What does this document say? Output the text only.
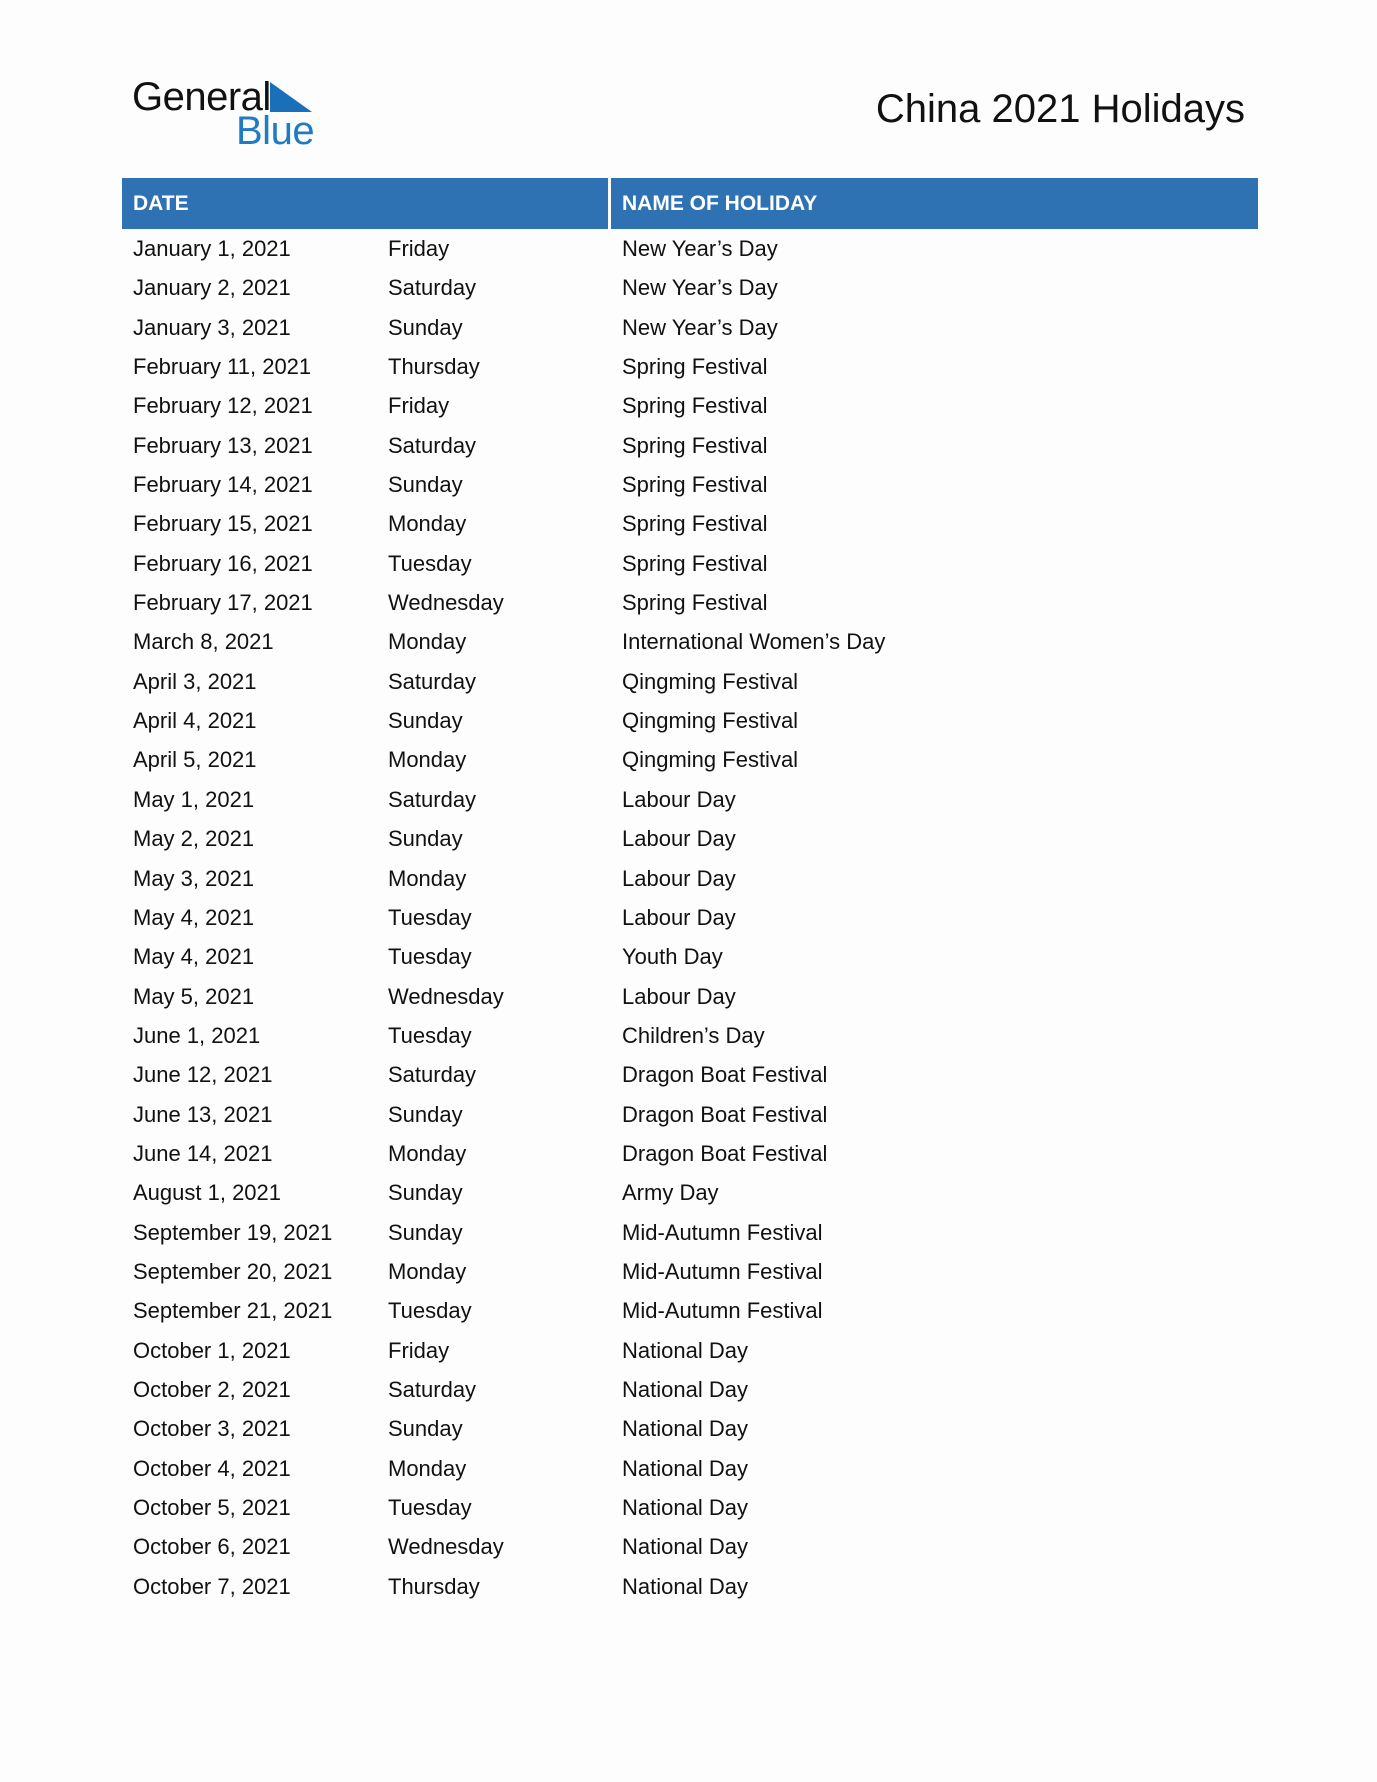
General
Blue	China 2021 Holidays
DATE	NAME OF HOLIDAY
January 1, 2021	Friday	New Year’s Day
January 2, 2021	Saturday	New Year’s Day
January 3, 2021	Sunday	New Year’s Day
February 11, 2021	Thursday	Spring Festival
February 12, 2021	Friday	Spring Festival
February 13, 2021	Saturday	Spring Festival
February 14, 2021	Sunday	Spring Festival
February 15, 2021	Monday	Spring Festival
February 16, 2021	Tuesday	Spring Festival
February 17, 2021	Wednesday	Spring Festival
March 8, 2021	Monday	International Women’s Day
April 3, 2021	Saturday	Qingming Festival
April 4, 2021	Sunday	Qingming Festival
April 5, 2021	Monday	Qingming Festival
May 1, 2021	Saturday	Labour Day
May 2, 2021	Sunday	Labour Day
May 3, 2021	Monday	Labour Day
May 4, 2021	Tuesday	Labour Day
May 4, 2021	Tuesday	Youth Day
May 5, 2021	Wednesday	Labour Day
June 1, 2021	Tuesday	Children’s Day
June 12, 2021	Saturday	Dragon Boat Festival
June 13, 2021	Sunday	Dragon Boat Festival
June 14, 2021	Monday	Dragon Boat Festival
August 1, 2021	Sunday	Army Day
September 19, 2021	Sunday	Mid-Autumn Festival
September 20, 2021	Monday	Mid-Autumn Festival
September 21, 2021	Tuesday	Mid-Autumn Festival
October 1, 2021	Friday	National Day
October 2, 2021	Saturday	National Day
October 3, 2021	Sunday	National Day
October 4, 2021	Monday	National Day
October 5, 2021	Tuesday	National Day
October 6, 2021	Wednesday	National Day
October 7, 2021	Thursday	National Day
